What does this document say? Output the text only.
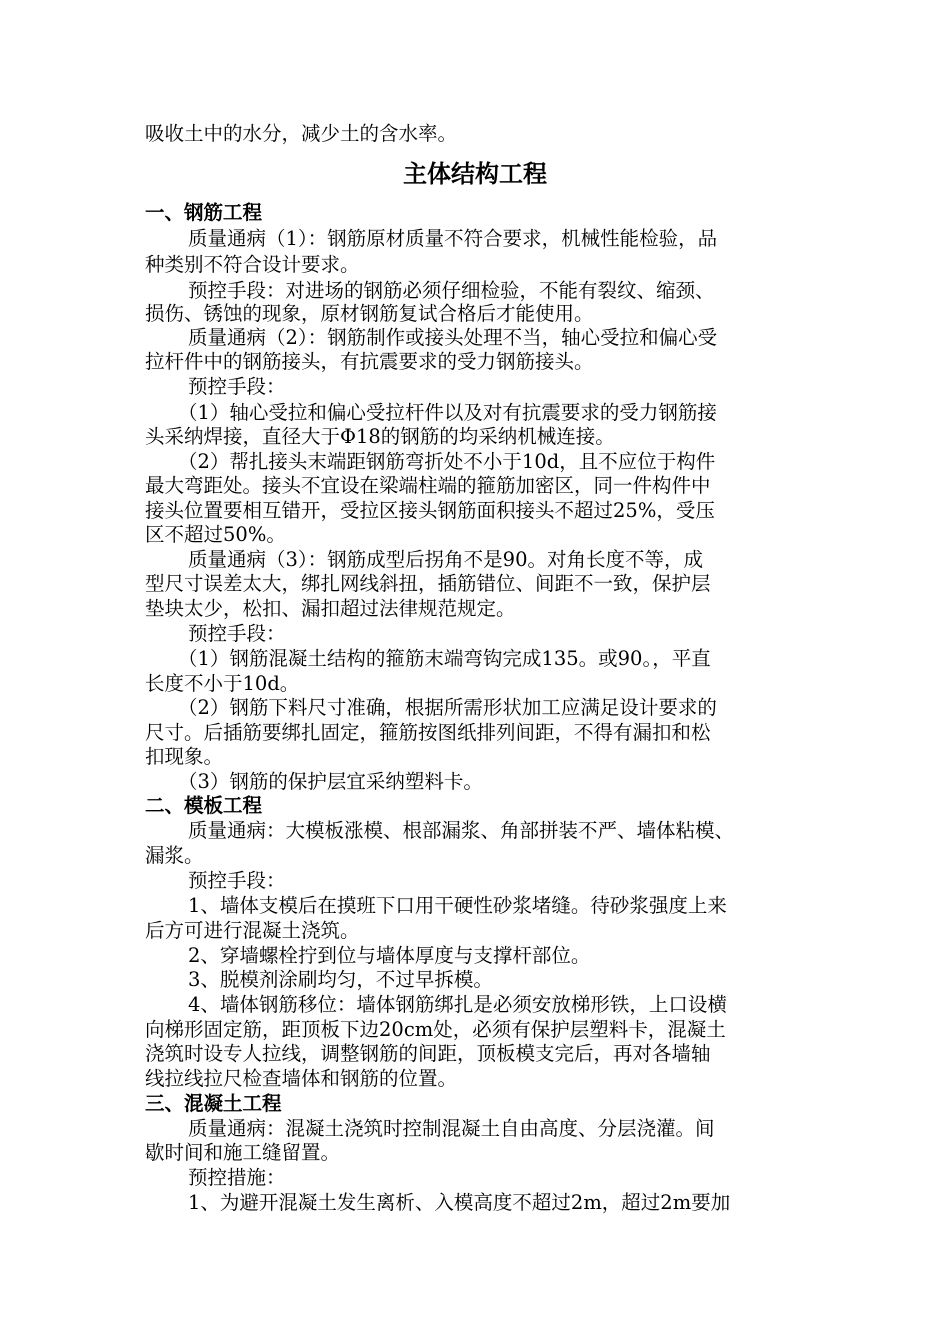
吸收土中的水分，减少土的含水率。
主体结构工程
一、钢筋工程
质量通病（1）：钢筋原材质量不符合要求，机械性能检验，品
种类别不符合设计要求。
预控手段：对进场的钢筋必须仔细检验，不能有裂纹、缩颈、
损伤、锈蚀的现象，原材钢筋复试合格后才能使用。
质量通病（2）：钢筋制作或接头处理不当，轴心受拉和偏心受
拉杆件中的钢筋接头，有抗震要求的受力钢筋接头。
预控手段：
（1）轴心受拉和偏心受拉杆件以及对有抗震要求的受力钢筋接
头采纳焊接，直径大于Φ18的钢筋的均采纳机械连接。
（2）帮扎接头末端距钢筋弯折处不小于10d，且不应位于构件
最大弯距处。接头不宜设在梁端柱端的箍筋加密区，同一件构件中
接头位置要相互错开，受拉区接头钢筋面积接头不超过25%，受压
区不超过50%。
质量通病（3）：钢筋成型后拐角不是90。对角长度不等，成
型尺寸误差太大，绑扎网线斜扭，插筋错位、间距不一致，保护层
垫块太少，松扣、漏扣超过法律规范规定。
预控手段：
（1）钢筋混凝土结构的箍筋末端弯钩完成135。或90。，平直
长度不小于10d。
（2）钢筋下料尺寸准确，根据所需形状加工应满足设计要求的
尺寸。后插筋要绑扎固定，箍筋按图纸排列间距，不得有漏扣和松
扣现象。
（3）钢筋的保护层宜采纳塑料卡。
二、模板工程
质量通病：大模板涨模、根部漏浆、角部拼装不严、墙体粘模、
漏浆。
预控手段：
1、墙体支模后在摸班下口用干硬性砂浆堵缝。待砂浆强度上来
后方可进行混凝土浇筑。
2、穿墙螺栓拧到位与墙体厚度与支撑杆部位。
3、脱模剂涂刷均匀，不过早拆模。
4、墙体钢筋移位：墙体钢筋绑扎是必须安放梯形铁，上口设横
向梯形固定筋，距顶板下边20cm处，必须有保护层塑料卡，混凝土
浇筑时设专人拉线，调整钢筋的间距，顶板模支完后，再对各墙轴
线拉线拉尺检查墙体和钢筋的位置。
三、混凝土工程
质量通病：混凝土浇筑时控制混凝土自由高度、分层浇灌。间
歇时间和施工缝留置。
预控措施：
1、为避开混凝土发生离析、入模高度不超过2m，超过2m要加
